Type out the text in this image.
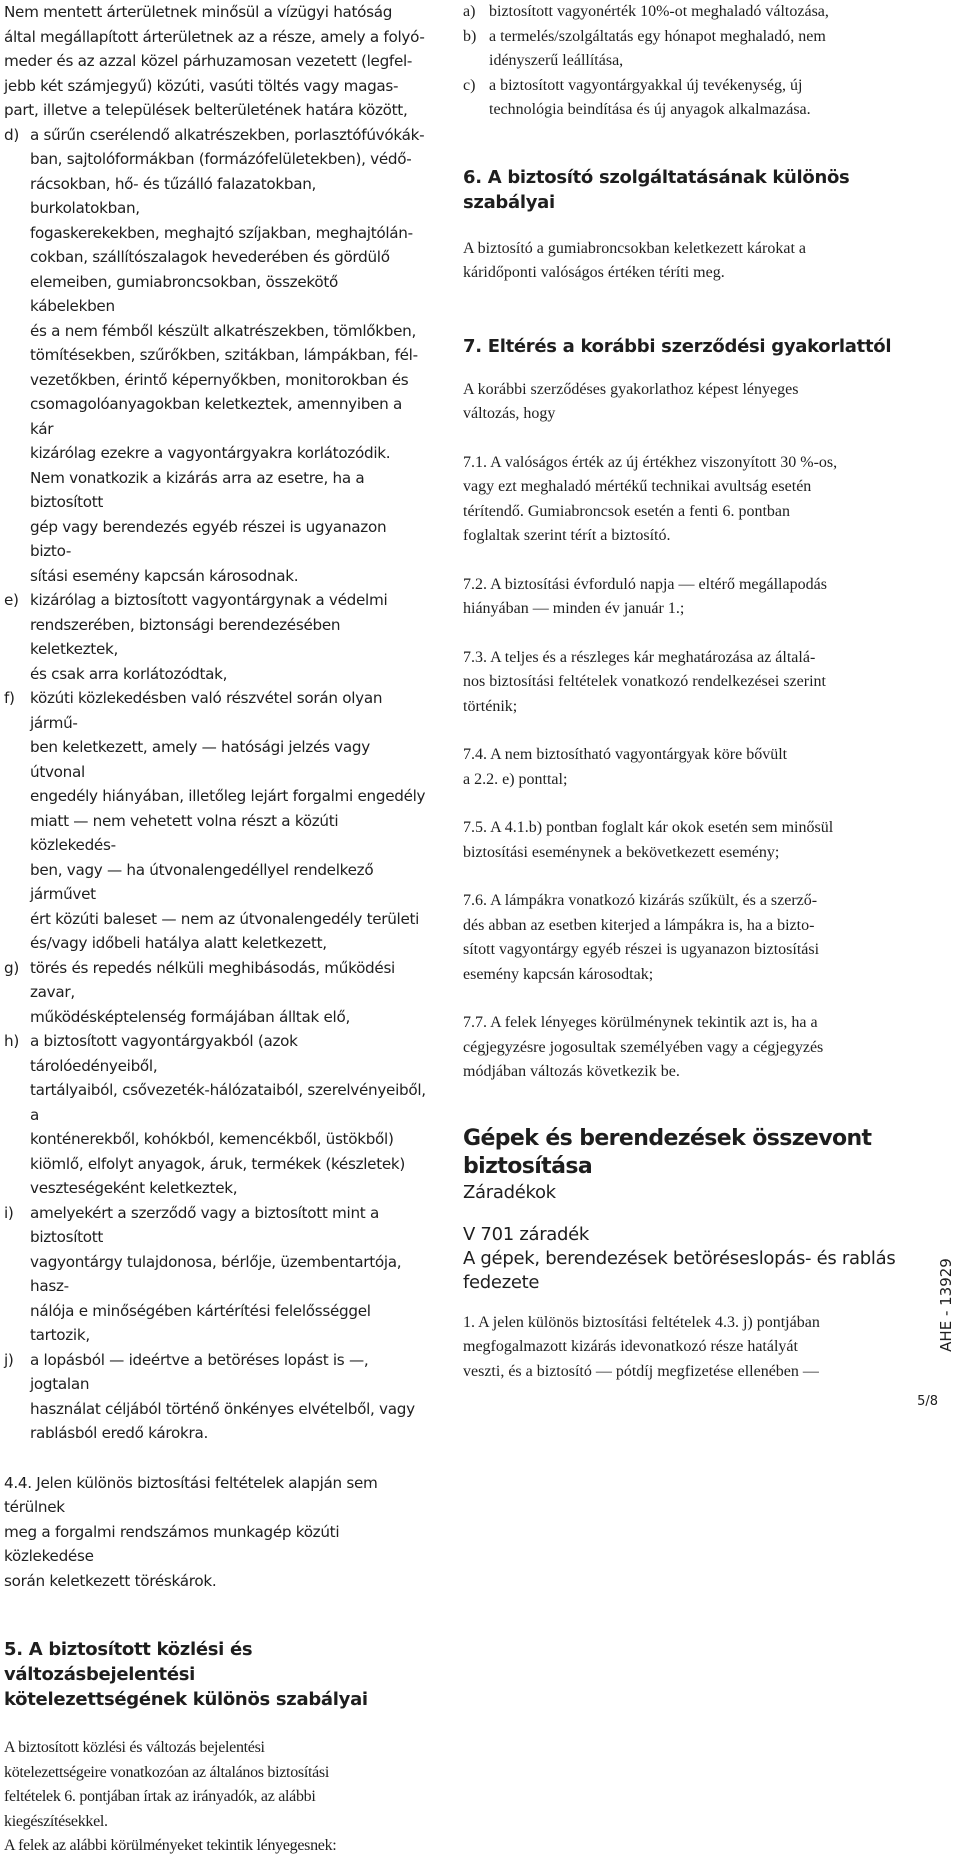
Nem mentett árterületnek minősül a vízügyi hatóság
által megállapított árterületnek az a része, amely a folyó-
meder és az azzal közel párhuzamosan vezetett (legfel-
jebb két számjegyű) közúti, vasúti töltés vagy magas-
part, illetve a települések belterületének határa között,

d) a sűrűn cserélendő alkatrészekben, porlasztófúvókák-
ban, sajtolóformákban (formázófelületekben), védő-
rácsokban, hő- és tűzálló falazatokban, burkolatokban,
fogaskerekekben, meghajtó szíjakban, meghajtólán-
cokban, szállítószalagok hevederében és gördülő
elemeiben, gumiabroncsokban, összekötő kábelekben
és a nem fémből készült alkatrészekben, tömlőkben,
tömítésekben, szűrőkben, szitákban, lámpákban, fél-
vezetőkben, érintő képernyőkben, monitorokban és
csomagolóanyagokban keletkeztek, amennyiben a kár
kizárólag ezekre a vagyontárgyakra korlátozódik.
Nem vonatkozik a kizárás arra az esetre, ha a biztosított
gép vagy berendezés egyéb részei is ugyanazon bizto-
sítási esemény kapcsán károsodnak.

e) kizárólag a biztosított vagyontárgynak a védelmi
rendszerében, biztonsági berendezésében keletkeztek,
és csak arra korlátozódtak,

f) közúti közlekedésben való részvétel során olyan jármű-
ben keletkezett, amely — hatósági jelzés vagy útvonal
engedély hiányában, illetőleg lejárt forgalmi engedély
miatt — nem vehetett volna részt a közúti közlekedés-
ben, vagy — ha útvonalengedéllyel rendelkező járművet
ért közúti baleset — nem az útvonalengedély területi
és/vagy időbeli hatálya alatt keletkezett,

g) törés és repedés nélküli meghibásodás, működési zavar,
működésképtelenség formájában álltak elő,

h) a biztosított vagyontárgyakból (azok tárolóedényeiből,
tartályaiból, csővezeték-hálózataiból, szerelvényeiből, a
konténerekből, kohókból, kemencékből, üstökből)
kiömlő, elfolyt anyagok, áruk, termékek (készletek)
veszteségeként keletkeztek,

i) amelyekért a szerződő vagy a biztosított mint a biztosított
vagyontárgy tulajdonosa, bérlője, üzembentartója, hasz-
nálója e minőségében kártérítési felelősséggel tartozik,

j) a lopásból — ideértve a betöréses lopást is —, jogtalan
használat céljából történő önkényes elvételből, vagy
rablásból eredő károkra.

4.4. Jelen különös biztosítási feltételek alapján sem térülnek
meg a forgalmi rendszámos munkagép közúti közlekedése
során keletkezett töréskárok.

5. A biztosított közlési és változásbejelentési
kötelezettségének különös szabályai

A biztosított közlési és változás bejelentési
kötelezettségeire vonatkozóan az általános biztosítási
feltételek 6. pontjában írtak az irányadók, az alábbi
kiegészítésekkel.

A felek az alábbi körülményeket tekintik lényegesnek:

a) biztosított vagyonérték 10%-ot meghaladó változása,

b) a termelés/szolgáltatás egy hónapot meghaladó, nem
idényszerű leállítása,

c) a biztosított vagyontárgyakkal új tevékenység, új
technológia beindítása és új anyagok alkalmazása.

6. A biztosító szolgáltatásának különös szabályai

A biztosító a gumiabroncsokban keletkezett károkat a
káridőponti valóságos értéken téríti meg.

7. Eltérés a korábbi szerződési gyakorlattól

A korábbi szerződéses gyakorlathoz képest lényeges
változás, hogy

7.1. A valóságos érték az új értékhez viszonyított 30 %-os,
vagy ezt meghaladó mértékű technikai avultság esetén
térítendő. Gumiabroncsok esetén a fenti 6. pontban
foglaltak szerint térít a biztosító.

7.2. A biztosítási évforduló napja — eltérő megállapodás
hiányában — minden év január 1.;

7.3. A teljes és a részleges kár meghatározása az általá-
nos biztosítási feltételek vonatkozó rendelkezései szerint
történik;

7.4. A nem biztosítható vagyontárgyak köre bővült
a 2.2. e) ponttal;

7.5. A 4.1.b) pontban foglalt kár okok esetén sem minősül
biztosítási eseménynek a bekövetkezett esemény;

7.6. A lámpákra vonatkozó kizárás szűkült, és a szerző-
dés abban az esetben kiterjed a lámpákra is, ha a bizto-
sított vagyontárgy egyéb részei is ugyanazon biztosítási
esemény kapcsán károsodtak;

7.7. A felek lényeges körülménynek tekintik azt is, ha a
cégjegyzésre jogosultak személyében vagy a cégjegyzés
módjában változás következik be.

Gépek és berendezések összevont biztosítása

Záradékok

V 701 záradék
A gépek, berendezések betöréseslopás- és rablás
fedezete

1. A jelen különös biztosítási feltételek 4.3. j) pontjában
megfogalmazott kizárás idevonatkozó része hatályát
veszti, és a biztosító — pótdíj megfizetése ellenében —

AHE - 13929
5/8
